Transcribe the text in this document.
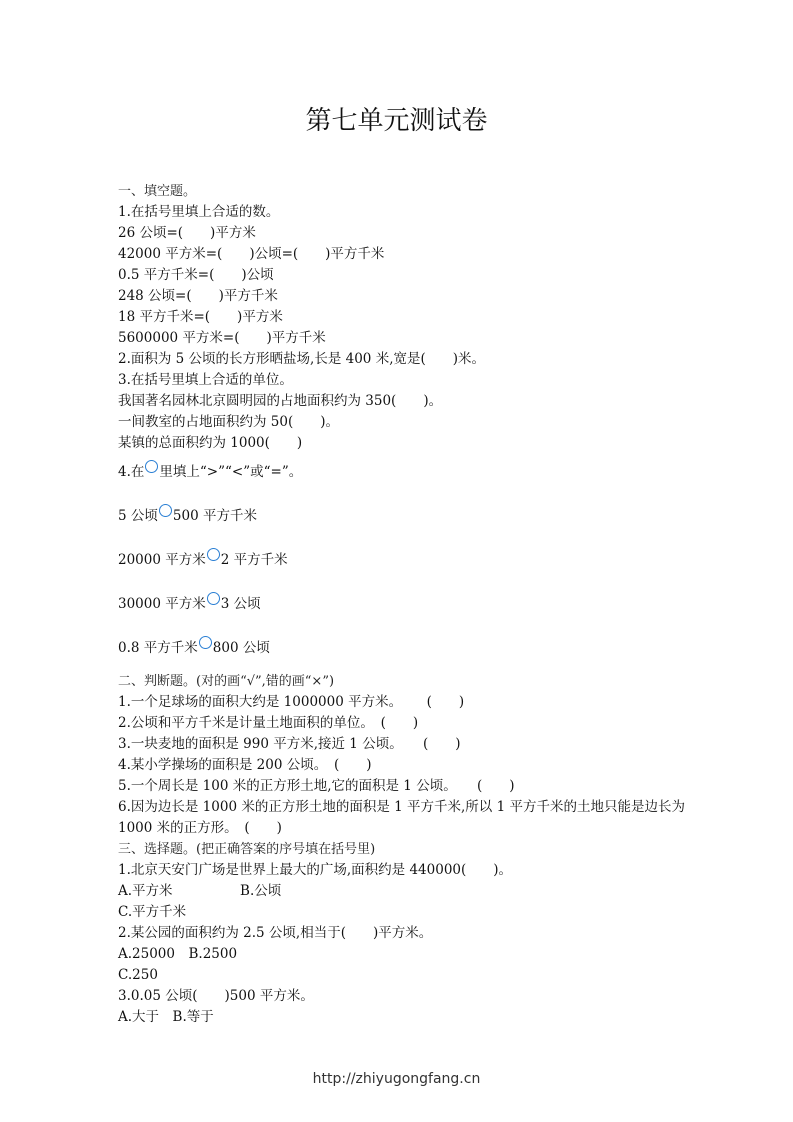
第七单元测试卷
一、填空题。
1.在括号里填上合适的数。
26 公顷=(　　)平方米
42000 平方米=(　　)公顷=(　　)平方千米
0.5 平方千米=(　　)公顷
248 公顷=(　　)平方千米
18 平方千米=(　　)平方米
5600000 平方米=(　　)平方千米
2.面积为 5 公顷的长方形晒盐场,长是 400 米,宽是(　　)米。
3.在括号里填上合适的单位。
我国著名园林北京圆明园的占地面积约为 350(　　)。
一间教室的占地面积约为 50(　　)。
某镇的总面积约为 1000(　　)
4.在 里填上“>”“<”或“=”。
5 公顷 500 平方千米
20000 平方米 2 平方千米
30000 平方米 3 公顷
0.8 平方千米 800 公顷
二、判断题。(对的画“√”,错的画“×”)
1.一个足球场的面积大约是 1000000 平方米。　　 (　　)
2.公顷和平方千米是计量土地面积的单位。　(　　)
3.一块麦地的面积是 990 平方米,接近 1 公顷。　　(　　)
4.某小学操场的面积是 200 公顷。　(　　)
5.一个周长是 100 米的正方形土地,它的面积是 1 公顷。　　(　　)
6.因为边长是 1000 米的正方形土地的面积是 1 平方千米,所以 1 平方千米的土地只能是边长为 1000 米的正方形。　(　　)
三、选择题。(把正确答案的序号填在括号里)
1.北京天安门广场是世界上最大的广场,面积约是 440000(　　)。
A.平方米　　　　　B.公顷
C.平方千米
2.某公园的面积约为 2.5 公顷,相当于(　　)平方米。
A.25000　B.2500
C.250
3.0.05 公顷(　　)500 平方米。
A.大于　B.等于
http://zhiyugongfang.cn
